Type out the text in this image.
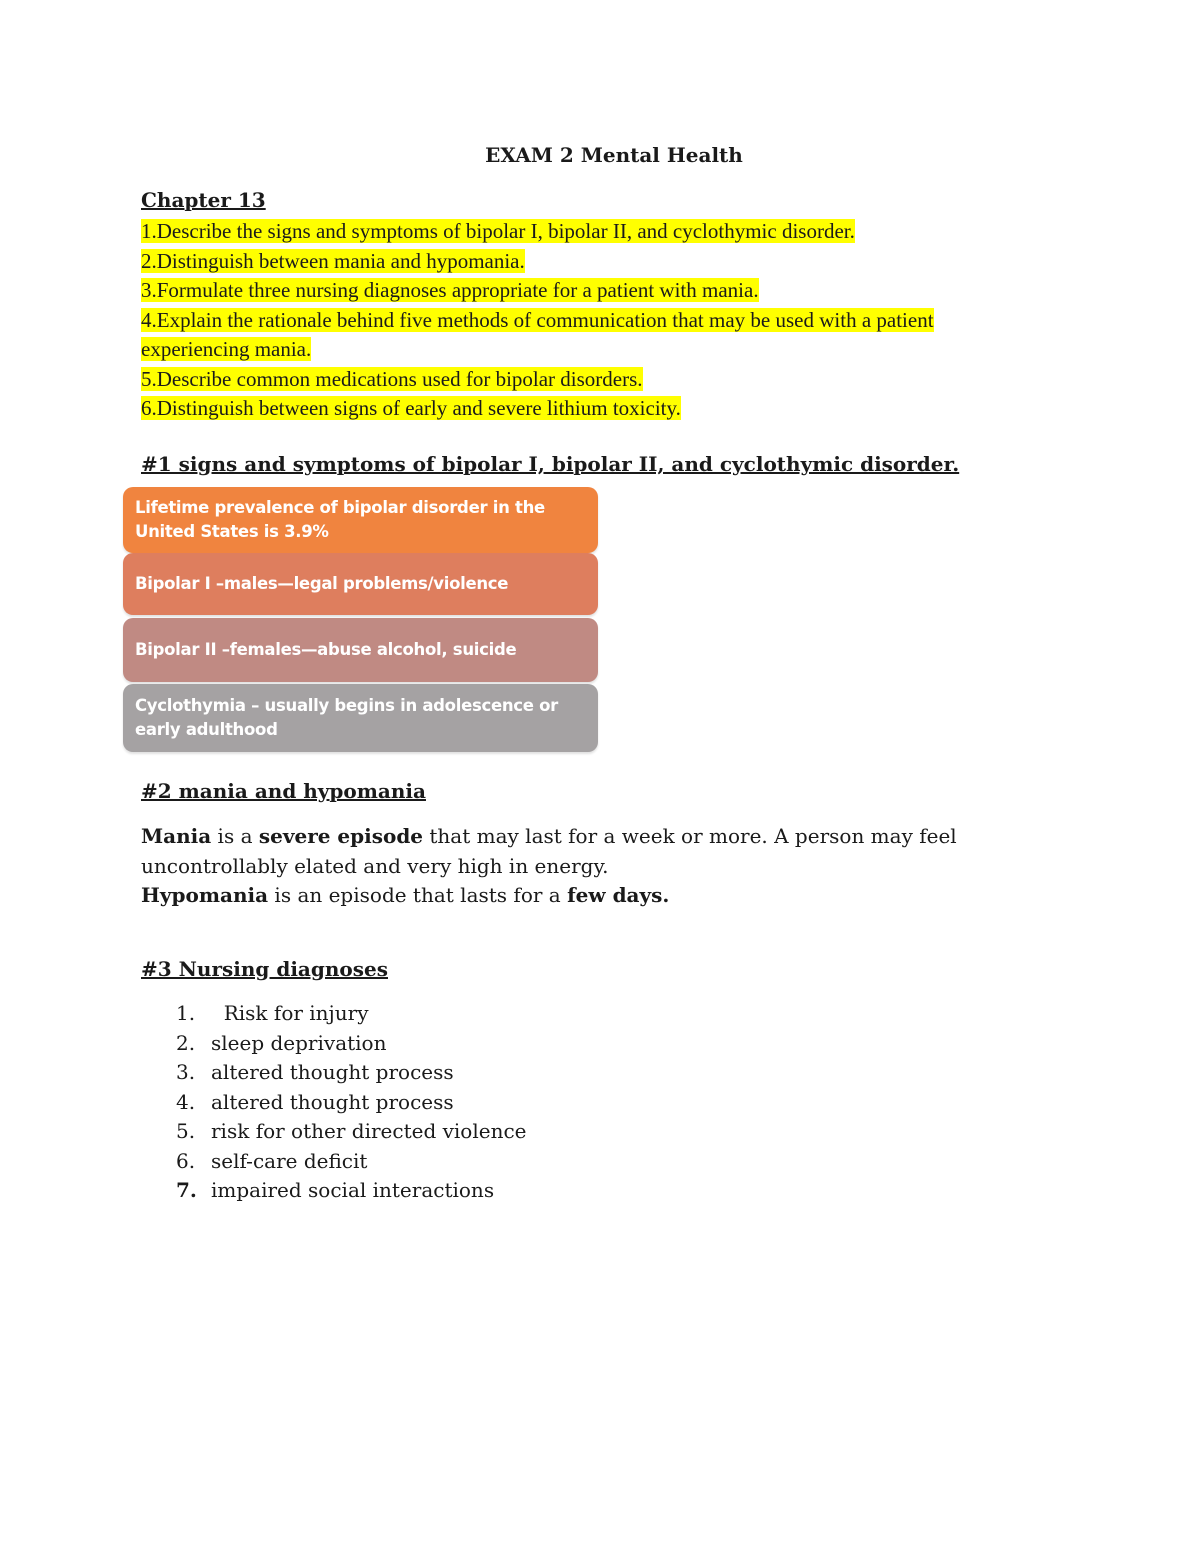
EXAM 2 Mental Health
Chapter 13
1.Describe the signs and symptoms of bipolar I, bipolar II, and cyclothymic disorder.
2.Distinguish between mania and hypomania.
3.Formulate three nursing diagnoses appropriate for a patient with mania.
4.Explain the rationale behind five methods of communication that may be used with a patient
experiencing mania.
5.Describe common medications used for bipolar disorders.
6.Distinguish between signs of early and severe lithium toxicity.
#1 signs and symptoms of bipolar I, bipolar II, and cyclothymic disorder.
Lifetime prevalence of bipolar disorder in the United States is 3.9%
Bipolar I –males—legal problems/violence
Bipolar II –females—abuse alcohol, suicide
Cyclothymia – usually begins in adolescence or early adulthood
#2 mania and hypomania
Mania is a severe episode that may last for a week or more. A person may feel uncontrollably elated and very high in energy.
Hypomania is an episode that lasts for a few days.
#3 Nursing diagnoses
1. Risk for injury
2. sleep deprivation
3. altered thought process
4. altered thought process
5. risk for other directed violence
6. self-care deficit
7. impaired social interactions
